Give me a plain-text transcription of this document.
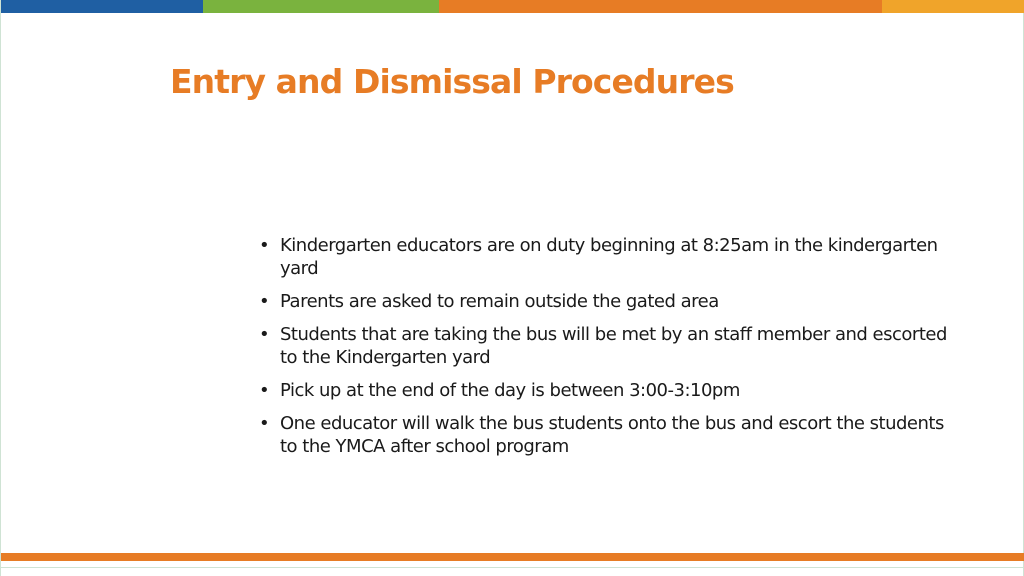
Entry and Dismissal Procedures
• Kindergarten educators are on duty beginning at 8:25am in the kindergarten yard
• Parents are asked to remain outside the gated area
• Students that are taking the bus will be met by an staff member and escorted to the Kindergarten yard
• Pick up at the end of the day is between 3:00-3:10pm
• One educator will walk the bus students onto the bus and escort the students to the YMCA after school program
